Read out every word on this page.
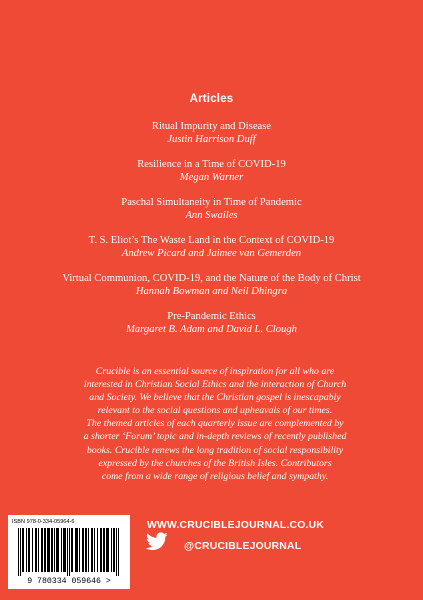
Articles
Ritual Impurity and Disease
Justin Harrison Duff
Resilience in a Time of COVID-19
Megan Warner
Paschal Simultaneity in Time of Pandemic
Ann Swailes
T. S. Eliot’s The Waste Land in the Context of COVID-19
Andrew Picard and Jaimee van Gemerden
Virtual Communion, COVID-19, and the Nature of the Body of Christ
Hannah Bowman and Neil Dhingra
Pre-Pandemic Ethics
Margaret B. Adam and David L. Clough
Crucible is an essential source of inspiration for all who are
interested in Christian Social Ethics and the interaction of Church
and Society. We believe that the Christian gospel is inescapably
relevant to the social questions and upheavals of our times.
The themed articles of each quarterly issue are complemented by
a shorter ‘Forum’ topic and in-depth reviews of recently published
books. Crucible renews the long tradition of social responsibility
expressed by the churches of the British Isles. Contributors
come from a wide range of religious belief and sympathy.
ISBN 978-0-334-05964-6
9 780334 059646 >
WWW.CRUCIBLEJOURNAL.CO.UK
@CRUCIBLEJOURNAL
